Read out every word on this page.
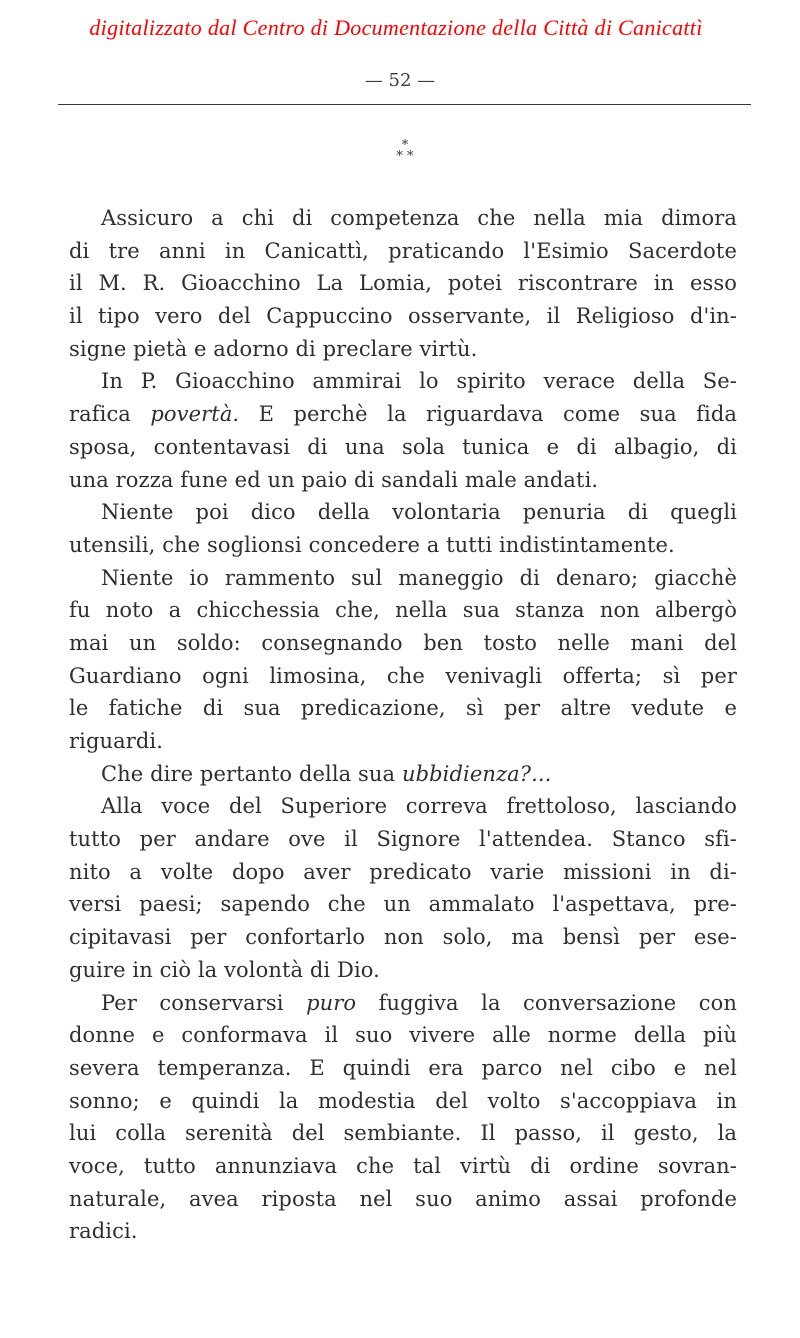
digitalizzato dal Centro di Documentazione della Città di Canicattì
— 52 —
*
* *
Assicuro a chi di competenza che nella mia dimora
di tre anni in Canicattì, praticando l'Esimio Sacerdote
il M. R. Gioacchino La Lomia, potei riscontrare in esso
il tipo vero del Cappuccino osservante, il Religioso d'in-
signe pietà e adorno di preclare virtù.
In P. Gioacchino ammirai lo spirito verace della Se-
rafica povertà. E perchè la riguardava come sua fida
sposa, contentavasi di una sola tunica e di albagio, di
una rozza fune ed un paio di sandali male andati.
Niente poi dico della volontaria penuria di quegli
utensili, che soglionsi concedere a tutti indistintamente.
Niente io rammento sul maneggio di denaro; giacchè
fu noto a chicchessia che, nella sua stanza non albergò
mai un soldo: consegnando ben tosto nelle mani del
Guardiano ogni limosina, che venivagli offerta; sì per
le fatiche di sua predicazione, sì per altre vedute e
riguardi.
Che dire pertanto della sua ubbidienza?...
Alla voce del Superiore correva frettoloso, lasciando
tutto per andare ove il Signore l'attendea. Stanco sfi-
nito a volte dopo aver predicato varie missioni in di-
versi paesi; sapendo che un ammalato l'aspettava, pre-
cipitavasi per confortarlo non solo, ma bensì per ese-
guire in ciò la volontà di Dio.
Per conservarsi puro fuggiva la conversazione con
donne e conformava il suo vivere alle norme della più
severa temperanza. E quindi era parco nel cibo e nel
sonno; e quindi la modestia del volto s'accoppiava in
lui colla serenità del sembiante. Il passo, il gesto, la
voce, tutto annunziava che tal virtù di ordine sovran-
naturale, avea riposta nel suo animo assai profonde
radici.
